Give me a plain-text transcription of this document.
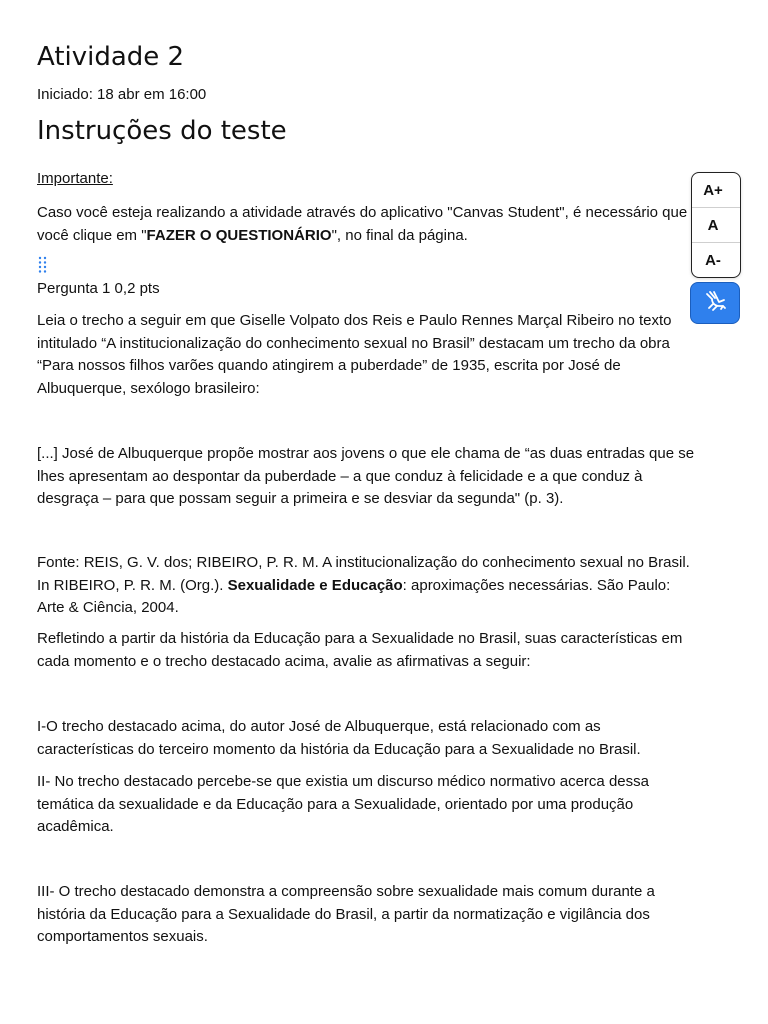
Atividade 2
Iniciado: 18 abr em 16:00
Instruções do teste
Importante:
Caso você esteja realizando a atividade através do aplicativo "Canvas Student", é necessário que
você clique em "FAZER O QUESTIONÁRIO", no final da página.
Pergunta 1 0,2 pts
Leia o trecho a seguir em que Giselle Volpato dos Reis e Paulo Rennes Marçal Ribeiro no texto
intitulado “A institucionalização do conhecimento sexual no Brasil” destacam um trecho da obra
“Para nossos filhos varões quando atingirem a puberdade” de 1935, escrita por José de
Albuquerque, sexólogo brasileiro:
[...] José de Albuquerque propõe mostrar aos jovens o que ele chama de “as duas entradas que se
lhes apresentam ao despontar da puberdade – a que conduz à felicidade e a que conduz à
desgraça – para que possam seguir a primeira e se desviar da segunda" (p. 3).
Fonte: REIS, G. V. dos; RIBEIRO, P. R. M. A institucionalização do conhecimento sexual no Brasil.
In RIBEIRO, P. R. M. (Org.). Sexualidade e Educação: aproximações necessárias. São Paulo:
Arte & Ciência, 2004.
Refletindo a partir da história da Educação para a Sexualidade no Brasil, suas características em
cada momento e o trecho destacado acima, avalie as afirmativas a seguir:
I-O trecho destacado acima, do autor José de Albuquerque, está relacionado com as
características do terceiro momento da história da Educação para a Sexualidade no Brasil.
II- No trecho destacado percebe-se que existia um discurso médico normativo acerca dessa
temática da sexualidade e da Educação para a Sexualidade, orientado por uma produção
acadêmica.
III- O trecho destacado demonstra a compreensão sobre sexualidade mais comum durante a
história da Educação para a Sexualidade do Brasil, a partir da normatização e vigilância dos
comportamentos sexuais.
A+
A
A-
